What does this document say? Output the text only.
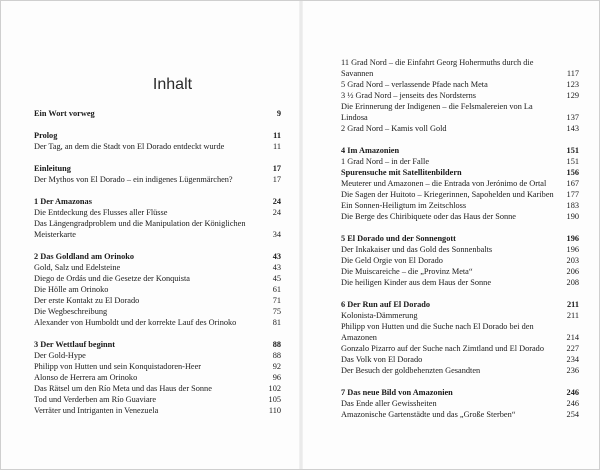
Inhalt
Ein Wort vorweg	9
Prolog	11
Der Tag, an dem die Stadt von El Dorado entdeckt wurde	11
Einleitung	17
Der Mythos von El Dorado – ein indigenes Lügenmärchen?	17
1 Der Amazonas	24
Die Entdeckung des Flusses aller Flüsse	24
Das Längengradproblem und die Manipulation der Königlichen Meisterkarte	34
2 Das Goldland am Orinoko	43
Gold, Salz und Edelsteine	43
Diego de Ordás und die Gesetze der Konquista	45
Die Hölle am Orinoko	61
Der erste Kontakt zu El Dorado	71
Die Wegbeschreibung	75
Alexander von Humboldt und der korrekte Lauf des Orinoko	81
3 Der Wettlauf beginnt	88
Der Gold-Hype	88
Philipp von Hutten und sein Konquistadoren-Heer	92
Alonso de Herrera am Orinoko	96
Das Rätsel um den Río Meta und das Haus der Sonne	102
Tod und Verderben am Río Guaviare	105
Verräter und Intriganten in Venezuela	110
11 Grad Nord – die Einfahrt Georg Hohermuths durch die Savannen	117
5 Grad Nord – verlassende Pfade nach Meta	123
3 ½ Grad Nord – jenseits des Nordsterns	129
Die Erinnerung der Indigenen – die Felsmalereien von La Lindosa	137
2 Grad Nord – Kamis voll Gold	143
4 Im Amazonien	151
1 Grad Nord – in der Falle	151
Spurensuche mit Satellitenbildern	156
Meuterer und Amazonen – die Entrada von Jerónimo de Ortal	167
Die Sagen der Huitoto – Kriegerinnen, Sapohelden und Kariben	177
Ein Sonnen-Heiligtum im Zeitschloss	183
Die Berge des Chiribiquete oder das Haus der Sonne	190
5 El Dorado und der Sonnengott	196
Der Inkakaiser und das Gold des Sonnenbalts	196
Die Geld Orgie von El Dorado	203
Die Muiscareiche – die „Provinz Meta“	206
Die heiligen Kinder aus dem Haus der Sonne	208
6 Der Run auf El Dorado	211
Kolonista-Dämmerung	211
Philipp von Hutten und die Suche nach El Dorado bei den Amazonen	214
Gonzalo Pizarro auf der Suche nach Zimtland und El Dorado	227
Das Volk von El Dorado	234
Der Besuch der goldbehenzten Gesandten	236
7 Das neue Bild von Amazonien	246
Das Ende aller Gewissheiten	246
Amazonische Gartenstädte und das „Große Sterben“	254
